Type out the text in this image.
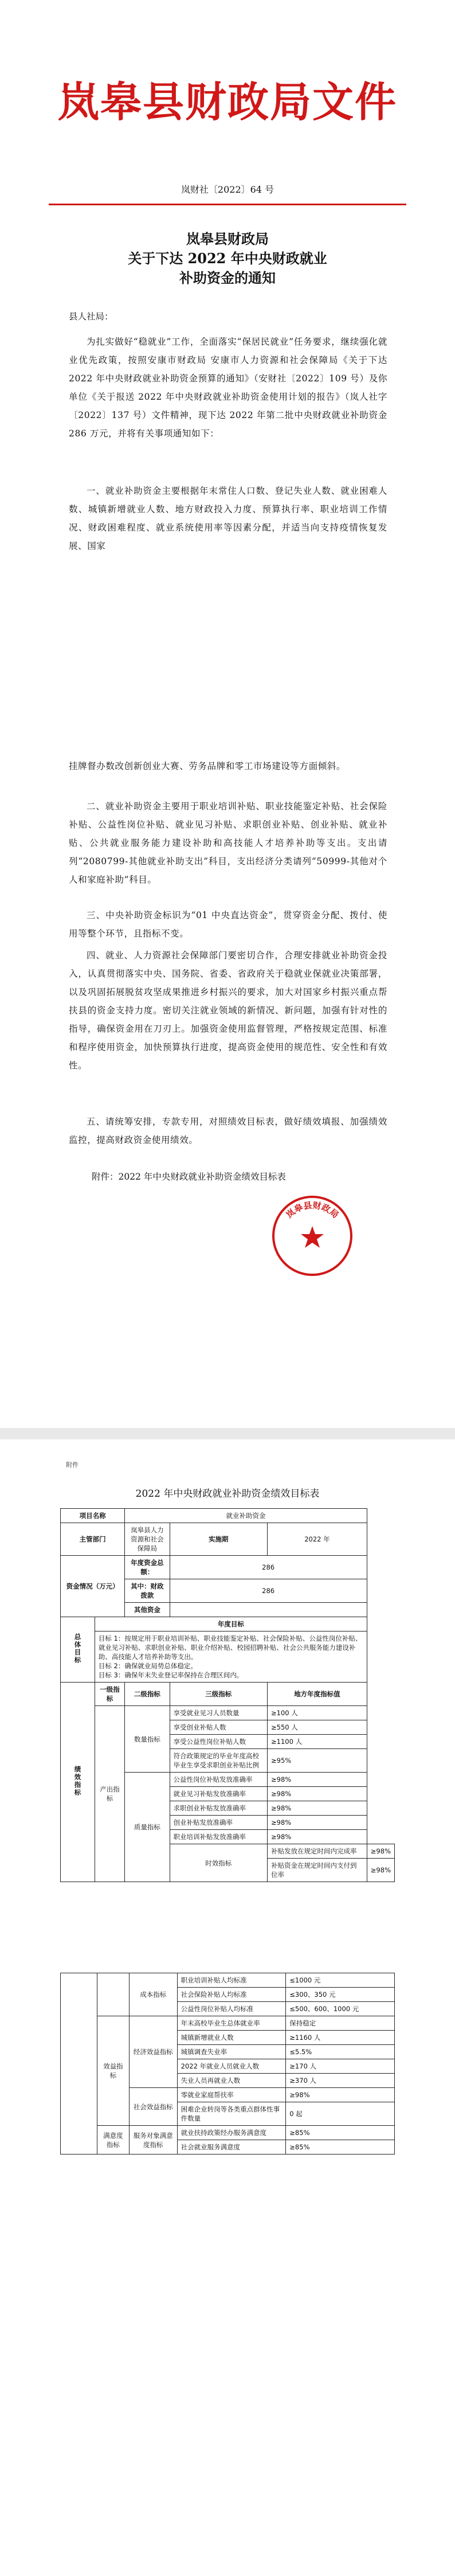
岚皋县财政局文件
岚财社〔2022〕64 号
岚皋县财政局
关于下达 2022 年中央财政就业
补助资金的通知
县人社局：
为扎实做好“稳就业”工作，全面落实“保居民就业”任务要求，继续强化就业优先政策，按照安康市财政局 安康市人力资源和社会保障局《关于下达 2022 年中央财政就业补助资金预算的通知》（安财社〔2022〕109 号）及你单位《关于报送 2022 年中央财政就业补助资金使用计划的报告》（岚人社字〔2022〕137 号）文件精神，现下达 2022 年第二批中央财政就业补助资金 286 万元，并将有关事项通知如下：
一、就业补助资金主要根据年末常住人口数、登记失业人数、就业困难人数、城镇新增就业人数、地方财政投入力度、预算执行率、职业培训工作情况、财政困难程度、就业系统使用率等因素分配，并适当向支持疫情恢复发展、国家
挂牌督办数改创新创业大赛、劳务品牌和零工市场建设等方面倾斜。
二、就业补助资金主要用于职业培训补贴、职业技能鉴定补贴、社会保险补贴、公益性岗位补贴、就业见习补贴、求职创业补贴、创业补贴、就业补贴、公共就业服务能力建设补助和高技能人才培养补助等支出。支出请列“2080799-其他就业补助支出”科目，支出经济分类请列“50999-其他对个人和家庭补助”科目。
三、中央补助资金标识为“01 中央直达资金”，贯穿资金分配、拨付、使用等整个环节，且指标不变。
四、就业、人力资源社会保障部门要密切合作，合理安排就业补助资金投入，认真贯彻落实中央、国务院、省委、省政府关于稳就业保就业决策部署，以及巩固拓展脱贫攻坚成果推进乡村振兴的要求，加大对国家乡村振兴重点帮扶县的资金支持力度。密切关注就业领域的新情况、新问题，加强有针对性的指导，确保资金用在刀刃上。加强资金使用监督管理，严格按规定范围、标准和程序使用资金，加快预算执行进度，提高资金使用的规范性、安全性和有效性。
五、请统筹安排，专款专用，对照绩效目标表，做好绩效填报、加强绩效监控，提高财政资金使用绩效。
附件：2022 年中央财政就业补助资金绩效目标表
岚皋县财政局
附件
2022 年中央财政就业补助资金绩效目标表
项目名称		就业补助资金			
主管部门		岚皋县人力资源和社会保障局	实施期	2022 年	
资金情况（万元）		年度资金总额：	286		
		其中：财政拨款	286		
		其他资金			
总体目标	年度目标				

	目标 1：按规定用于职业培训补贴、职业技能鉴定补贴、社会保险补贴、公益性岗位补贴、就业见习补贴、求职创业补贴、职业介绍补贴、校园招聘补贴、社会公共服务能力建设补助、高技能人才培养补助等支出。
目标 2：确保就业局势总体稳定。
目标 3：确保年末失业登记率保持在合理区间内。				

绩效指标	一级指标	二级指标	三级指标	地方年度指标值	
	产出指标	数量指标	享受就业见习人员数量	≥100 人	
			享受创业补贴人数	≥550 人	
			享受公益性岗位补贴人数	≥1100 人	
			符合政策规定的毕业年度高校毕业生享受求职创业补贴比例	≥95%	
		质量指标	公益性岗位补贴发放准确率	≥98%	
			就业见习补贴发放准确率	≥98%	
			求职创业补贴发放准确率	≥98%	
			创业补贴发放准确率	≥98%	
			职业培训补贴发放准确率	≥98%	
			时效指标	补贴发放在规定时间内完成率	≥98%
				补贴资金在规定时间内支付到位率	≥98%
		成本指标	职业培训补贴人均标准	≤1000 元
			社会保险补贴人均标准	≤300、350 元
			公益性岗位补贴人均标准	≤500、600、1000 元
	效益指标	经济效益指标	年末高校毕业生总体就业率	保持稳定
			城镇新增就业人数	≥1160 人
			城镇调查失业率	≤5.5%
			2022 年就业人员就业人数	≥170 人
			失业人员再就业人数	≥370 人
		社会效益指标	零就业家庭帮扶率	≥98%
			困难企业转岗等各类重点群体性事件数量	0 起
	满意度指标	服务对象满意度指标	就业扶持政策经办服务满意度	≥85%
			社会就业服务满意度	≥85%
